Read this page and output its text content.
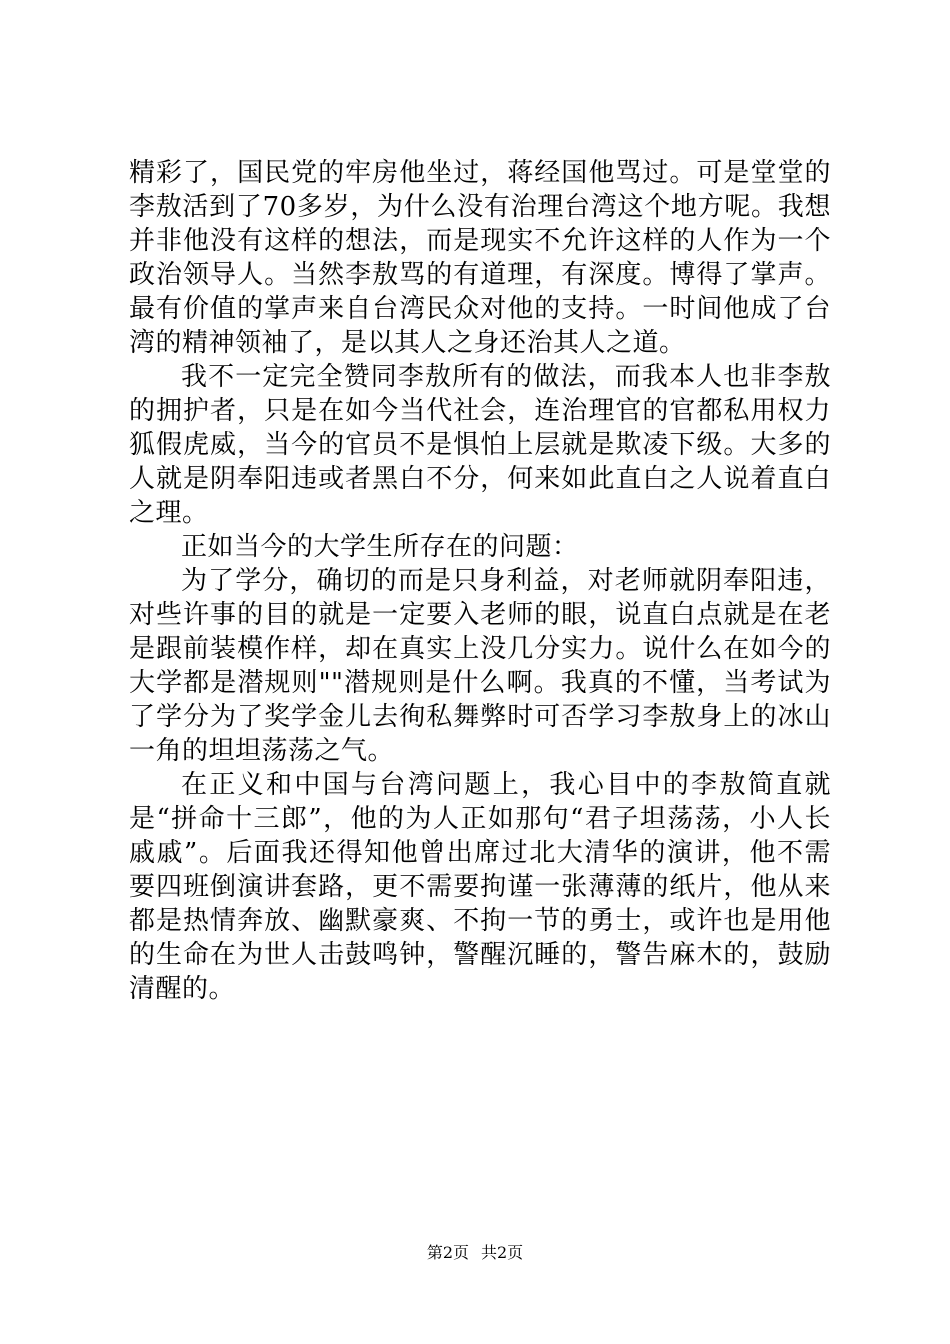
精彩了，国民党的牢房他坐过，蒋经国他骂过。可是堂堂的李敖活到了70多岁，为什么没有治理台湾这个地方呢。我想并非他没有这样的想法，而是现实不允许这样的人作为一个政治领导人。当然李敖骂的有道理，有深度。博得了掌声。最有价值的掌声来自台湾民众对他的支持。一时间他成了台湾的精神领袖了，是以其人之身还治其人之道。

我不一定完全赞同李敖所有的做法，而我本人也非李敖的拥护者，只是在如今当代社会，连治理官的官都私用权力狐假虎威，当今的官员不是惧怕上层就是欺凌下级。大多的人就是阴奉阳违或者黑白不分，何来如此直白之人说着直白之理。

正如当今的大学生所存在的问题：

为了学分，确切的而是只身利益，对老师就阴奉阳违，对些许事的目的就是一定要入老师的眼，说直白点就是在老是跟前装模作样，却在真实上没几分实力。说什么在如今的大学都是潜规则""潜规则是什么啊。我真的不懂，当考试为了学分为了奖学金儿去徇私舞弊时可否学习李敖身上的冰山一角的坦坦荡荡之气。

在正义和中国与台湾问题上，我心目中的李敖简直就是“拼命十三郎”，他的为人正如那句“君子坦荡荡，小人长戚戚”。后面我还得知他曾出席过北大清华的演讲，他不需要四班倒演讲套路，更不需要拘谨一张薄薄的纸片，他从来都是热情奔放、幽默豪爽、不拘一节的勇士，或许也是用他的生命在为世人击鼓鸣钟，警醒沉睡的，警告麻木的，鼓励清醒的。

第2页 共2页
